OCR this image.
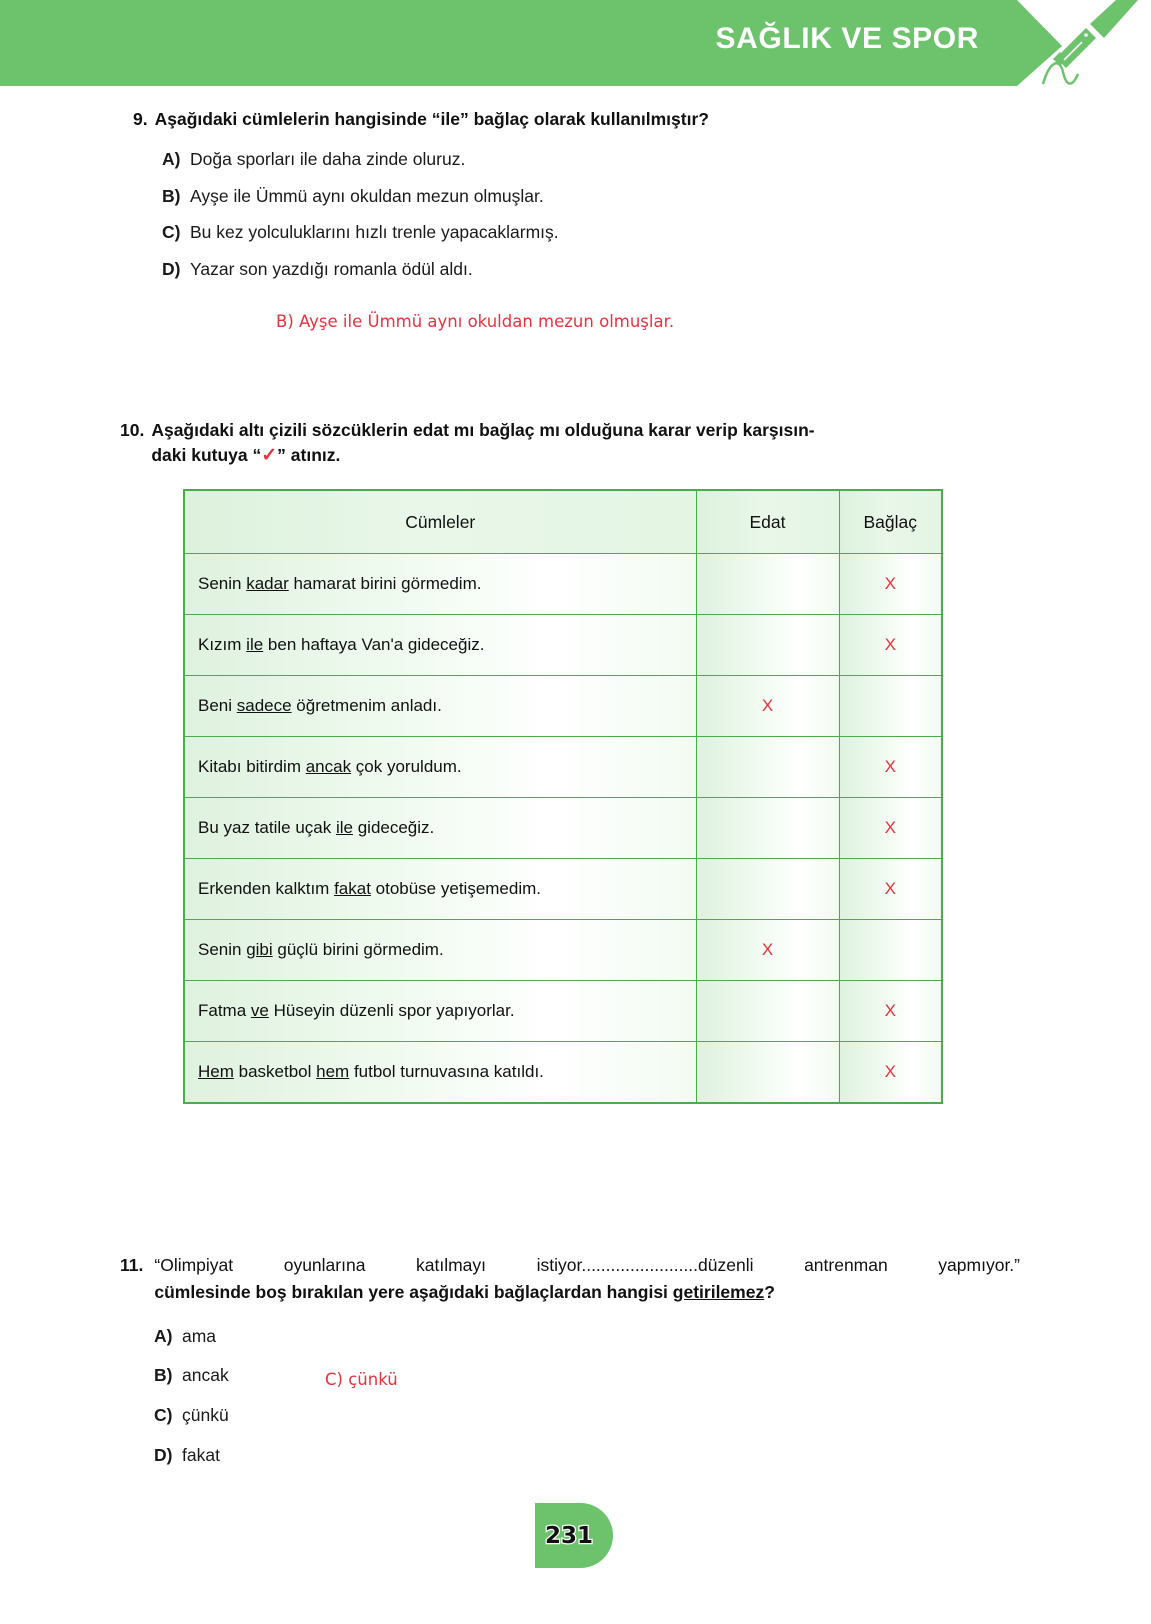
SAĞLIK VE SPOR
9. Aşağıdaki cümlelerin hangisinde “ile” bağlaç olarak kullanılmıştır?
A) Doğa sporları ile daha zinde oluruz.
B) Ayşe ile Ümmü aynı okuldan mezun olmuşlar.
C) Bu kez yolculuklarını hızlı trenle yapacaklarmış.
D) Yazar son yazdığı romanla ödül aldı.
B) Ayşe ile Ümmü aynı okuldan mezun olmuşlar.
10. Aşağıdaki altı çizili sözcüklerin edat mı bağlaç mı olduğuna karar verip karşısın-
daki kutuya “✓” atınız.
Cümleler	Edat	Bağlaç
Senin kadar hamarat birini görmedim.		X
Kızım ile ben haftaya Van'a gideceğiz.		X
Beni sadece öğretmenim anladı.	X	
Kitabı bitirdim ancak çok yoruldum.		X
Bu yaz tatile uçak ile gideceğiz.		X
Erkenden kalktım fakat otobüse yetişemedim.		X
Senin gibi güçlü birini görmedim.	X	
Fatma ve Hüseyin düzenli spor yapıyorlar.		X
Hem basketbol hem futbol turnuvasına katıldı.		X
11. “Olimpiyat oyunlarına katılmayı istiyor........................düzenli antrenman yapmıyor.”
cümlesinde boş bırakılan yere aşağıdaki bağlaçlardan hangisi getirilemez?
A) ama
B) ancak
C) çünkü
D) fakat
C) çünkü
231
